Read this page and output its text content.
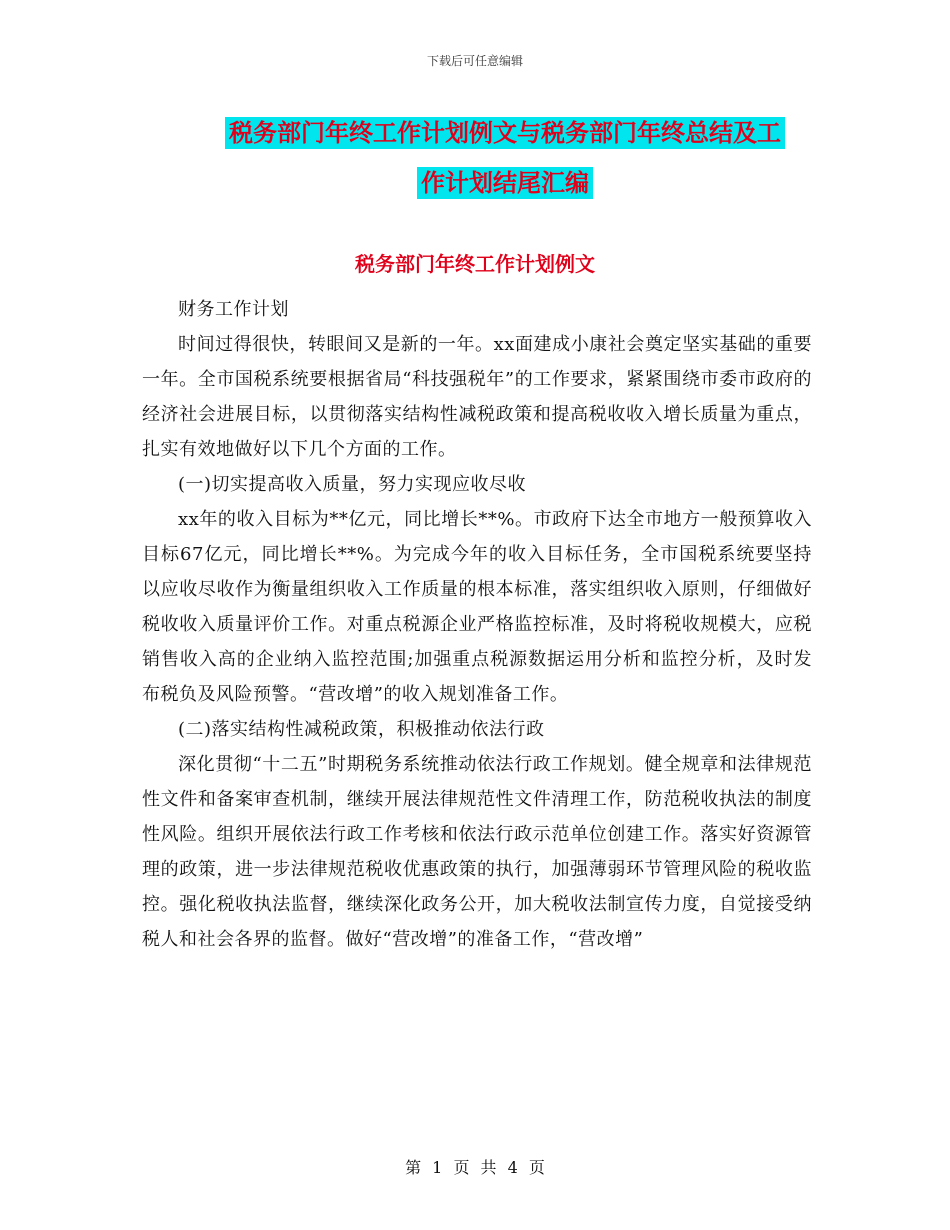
下载后可任意编辑
税务部门年终工作计划例文与税务部门年终总结及工
作计划结尾汇编
税务部门年终工作计划例文

财务工作计划

时间过得很快，转眼间又是新的一年。xx面建成小康社会奠定坚实基础的重要一年。全市国税系统要根据省局“科技强税年”的工作要求，紧紧围绕市委市政府的经济社会进展目标，以贯彻落实结构性减税政策和提高税收收入增长质量为重点，扎实有效地做好以下几个方面的工作。

(一)切实提高收入质量，努力实现应收尽收

xx年的收入目标为**亿元，同比增长**%。市政府下达全市地方一般预算收入目标67亿元，同比增长**%。为完成今年的收入目标任务，全市国税系统要坚持以应收尽收作为衡量组织收入工作质量的根本标准，落实组织收入原则，仔细做好税收收入质量评价工作。对重点税源企业严格监控标准，及时将税收规模大，应税销售收入高的企业纳入监控范围;加强重点税源数据运用分析和监控分析，及时发布税负及风险预警。“营改增”的收入规划准备工作。

(二)落实结构性减税政策，积极推动依法行政

深化贯彻“十二五”时期税务系统推动依法行政工作规划。健全规章和法律规范性文件和备案审查机制，继续开展法律规范性文件清理工作，防范税收执法的制度性风险。组织开展依法行政工作考核和依法行政示范单位创建工作。落实好资源管理的政策，进一步法律规范税收优惠政策的执行，加强薄弱环节管理风险的税收监控。强化税收执法监督，继续深化政务公开，加大税收法制宣传力度，自觉接受纳税人和社会各界的监督。做好“营改增”的准备工作，“营改增”

第 1 页 共 4 页
